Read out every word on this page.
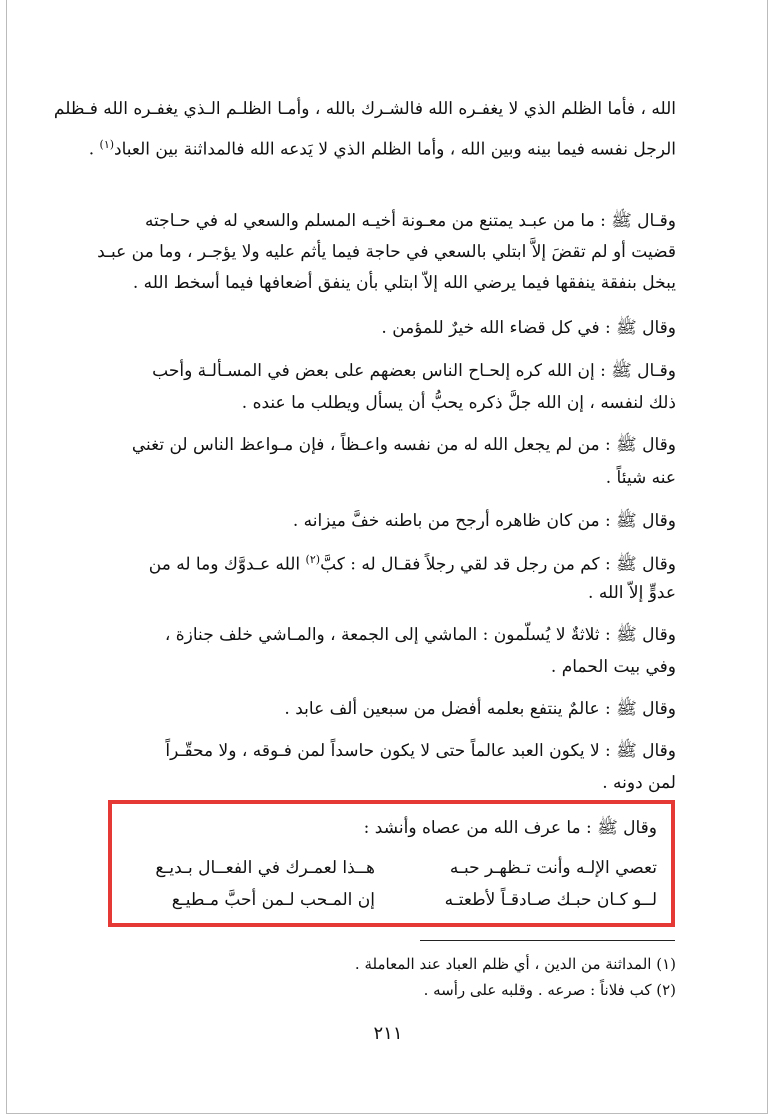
الله ، فأما الظلم الذي لا يغفـره الله فالشـرك بالله ، وأمـا الظلـم الـذي يغفـره الله فـظلم
الرجل نفسه فيما بينه وبين الله ، وأما الظلم الذي لا يَدعه الله فالمداثنة بين العباد$^{(١)}$ .
وقـال ﷺ : ما من عبـد يمتنع من معـونة أخيـه المسلم والسعي له في حـاجته
قضيت أو لم تقضَ إلاَّ ابتلي بالسعي في حاجة فيما يأثم عليه ولا يؤجـر ، وما من عبـد
يبخل بنفقة ينفقها فيما يرضي الله إلاّ ابتلي بأن ينفق أضعافها فيما أسخط الله .
وقال ﷺ : في كل قضاء الله خيرٌ للمؤمن .
وقـال ﷺ : إن الله كره إلحـاح الناس بعضهم على بعض في المسـألـة وأحب
ذلك لنفسه ، إن الله جلَّ ذكره يحبُّ أن يسأل ويطلب ما عنده .
وقال ﷺ : من لم يجعل الله له من نفسه واعـظاً ، فإن مـواعظ الناس لن تغني
عنه شيئاً .
وقال ﷺ : من كان ظاهره أرجح من باطنه خفَّ ميزانه .
وقال ﷺ : كم من رجل قد لقي رجلاً فقـال له : كبَّ$^{(٢)}$ الله عـدوَّك وما له من
عدوٍّ إلاّ الله .
وقال ﷺ : ثلاثةٌ لا يُسلّمون : الماشي إلى الجمعة ، والمـاشي خلف جنازة ،
وفي بيت الحمام .
وقال ﷺ : عالمٌ ينتفع بعلمه أفضل من سبعين ألف عابد .
وقال ﷺ : لا يكون العبد عالماً حتى لا يكون حاسداً لمن فـوقه ، ولا محقّـراً
لمن دونه .
وقال ﷺ : ما عرف الله من عصاه وأنشد :
تعصي الإلـه وأنت تـظهـر حبـه
هــذا لعمـرك في الفعــال بـديـع
لــو كـان حبـك صـادقـاً لأطعتـه
إن المـحب لـمن أحبَّ مـطيـع
(١) المداثنة من الدين ، أي ظلم العباد عند المعاملة .
(٢) كب فلاناً : صرعه . وقلبه على رأسه .
٢١١
